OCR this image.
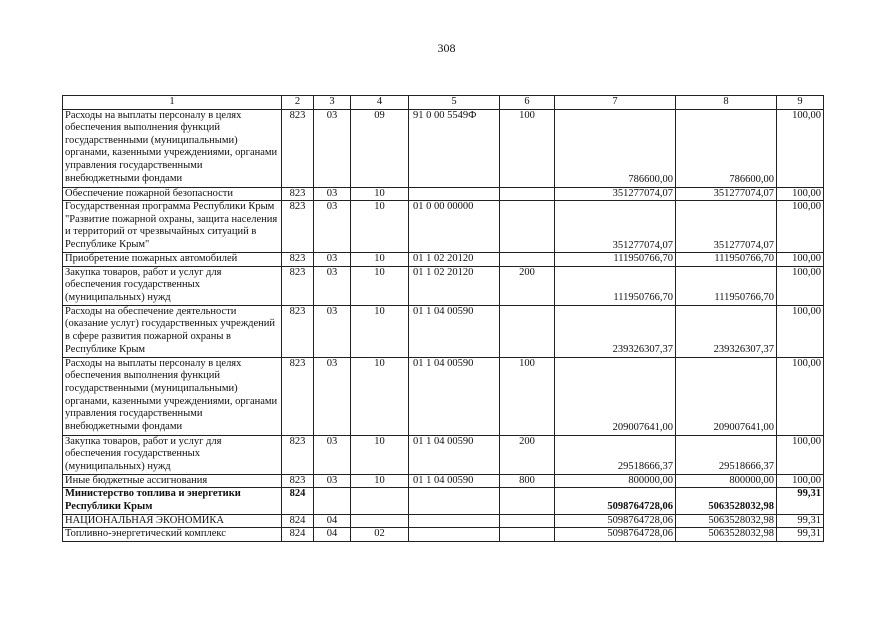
308
1	2	3	4	5	6	7	8	9
Расходы на выплаты персоналу в целях обеспечения выполнения функций государственными (муниципальными) органами, казенными учреждениями, органами управления государственными внебюджетными фондами	823	03	09	91 0 00 5549Ф	100	786600,00	786600,00	100,00
Обеспечение пожарной безопасности	823	03	10			351277074,07	351277074,07	100,00
Государственная программа Республики Крым "Развитие пожарной охраны, защита населения и территорий от чрезвычайных ситуаций в Республике Крым"	823	03	10	01 0 00 00000		351277074,07	351277074,07	100,00
Приобретение пожарных автомобилей	823	03	10	01 1 02 20120		111950766,70	111950766,70	100,00
Закупка товаров, работ и услуг для обеспечения государственных (муниципальных) нужд	823	03	10	01 1 02 20120	200	111950766,70	111950766,70	100,00
Расходы на обеспечение деятельности (оказание услуг) государственных учреждений в сфере развития пожарной охраны в Республике Крым	823	03	10	01 1 04 00590		239326307,37	239326307,37	100,00
Расходы на выплаты персоналу в целях обеспечения выполнения функций государственными (муниципальными) органами, казенными учреждениями, органами управления государственными внебюджетными фондами	823	03	10	01 1 04 00590	100	209007641,00	209007641,00	100,00
Закупка товаров, работ и услуг для обеспечения государственных (муниципальных) нужд	823	03	10	01 1 04 00590	200	29518666,37	29518666,37	100,00
Иные бюджетные ассигнования	823	03	10	01 1 04 00590	800	800000,00	800000,00	100,00
Министерство топлива и энергетики Республики Крым	824					5098764728,06	5063528032,98	99,31
НАЦИОНАЛЬНАЯ ЭКОНОМИКА	824	04				5098764728,06	5063528032,98	99,31
Топливно-энергетический комплекс	824	04	02			5098764728,06	5063528032,98	99,31
